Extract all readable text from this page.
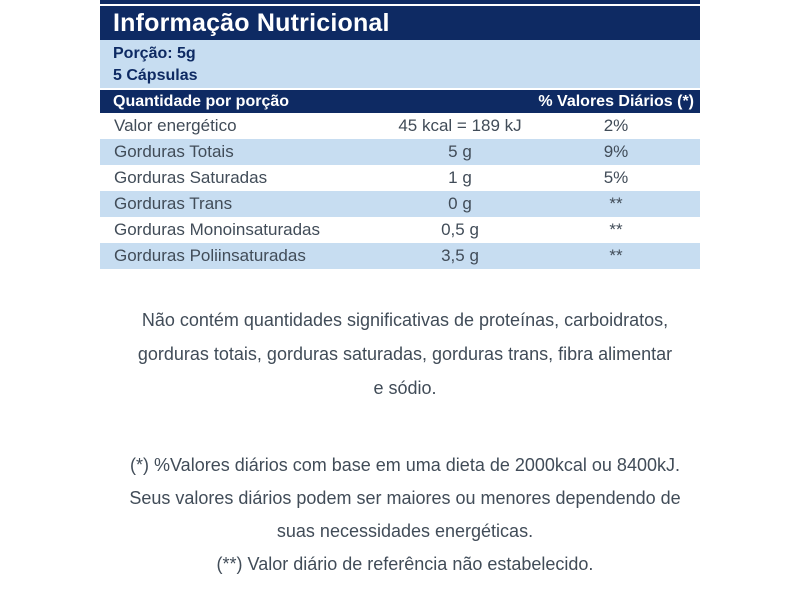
Informação Nutricional
Porção: 5g
5 Cápsulas
Quantidade por porção	% Valores Diários (*)
Valor energético	45 kcal = 189 kJ	2%
Gorduras Totais	5 g	9%
Gorduras Saturadas	1 g	5%
Gorduras Trans	0 g	**
Gorduras Monoinsaturadas	0,5 g	**
Gorduras Poliinsaturadas	3,5 g	**
Não contém quantidades significativas de proteínas, carboidratos,
gorduras totais, gorduras saturadas, gorduras trans, fibra alimentar
e sódio.
(*) %Valores diários com base em uma dieta de 2000kcal ou 8400kJ.
Seus valores diários podem ser maiores ou menores dependendo de
suas necessidades energéticas.
(**) Valor diário de referência não estabelecido.
